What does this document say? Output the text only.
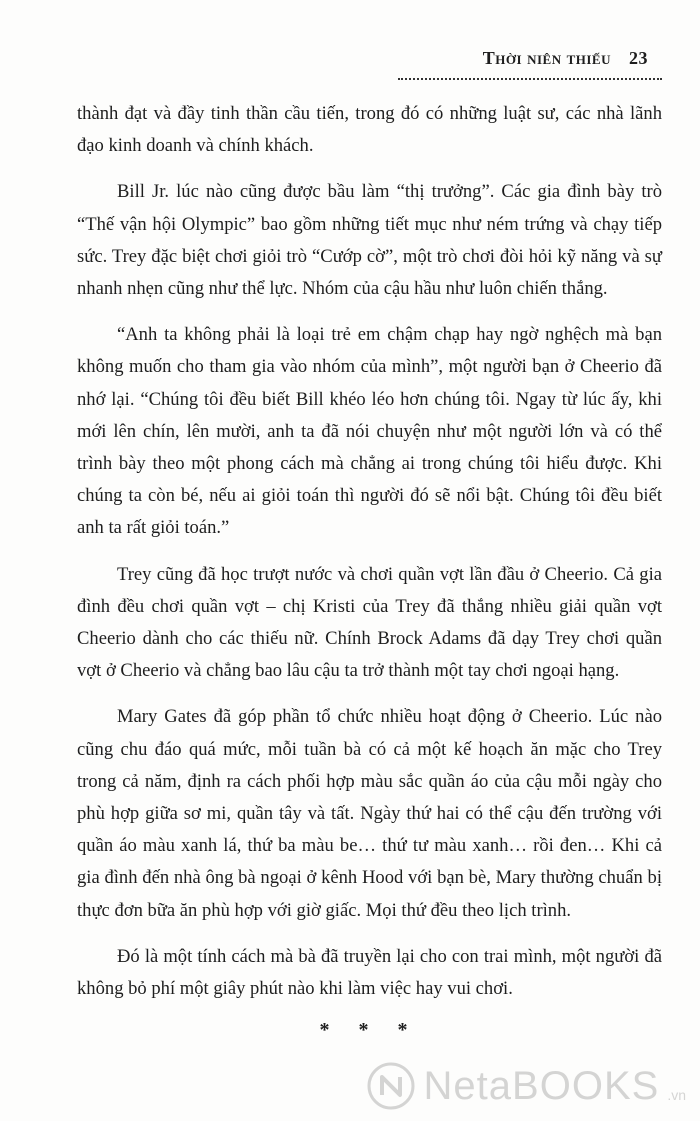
Thời niên thiếu 23

thành đạt và đầy tinh thần cầu tiến, trong đó có những luật sư, các nhà lãnh đạo kinh doanh và chính khách.

Bill Jr. lúc nào cũng được bầu làm “thị trưởng”. Các gia đình bày trò “Thế vận hội Olympic” bao gồm những tiết mục như ném trứng và chạy tiếp sức. Trey đặc biệt chơi giỏi trò “Cướp cờ”, một trò chơi đòi hỏi kỹ năng và sự nhanh nhẹn cũng như thể lực. Nhóm của cậu hầu như luôn chiến thắng.

“Anh ta không phải là loại trẻ em chậm chạp hay ngờ nghệch mà bạn không muốn cho tham gia vào nhóm của mình”, một người bạn ở Cheerio đã nhớ lại. “Chúng tôi đều biết Bill khéo léo hơn chúng tôi. Ngay từ lúc ấy, khi mới lên chín, lên mười, anh ta đã nói chuyện như một người lớn và có thể trình bày theo một phong cách mà chẳng ai trong chúng tôi hiểu được. Khi chúng ta còn bé, nếu ai giỏi toán thì người đó sẽ nổi bật. Chúng tôi đều biết anh ta rất giỏi toán.”

Trey cũng đã học trượt nước và chơi quần vợt lần đầu ở Cheerio. Cả gia đình đều chơi quần vợt – chị Kristi của Trey đã thắng nhiều giải quần vợt Cheerio dành cho các thiếu nữ. Chính Brock Adams đã dạy Trey chơi quần vợt ở Cheerio và chẳng bao lâu cậu ta trở thành một tay chơi ngoại hạng.

Mary Gates đã góp phần tổ chức nhiều hoạt động ở Cheerio. Lúc nào cũng chu đáo quá mức, mỗi tuần bà có cả một kế hoạch ăn mặc cho Trey trong cả năm, định ra cách phối hợp màu sắc quần áo của cậu mỗi ngày cho phù hợp giữa sơ mi, quần tây và tất. Ngày thứ hai có thể cậu đến trường với quần áo màu xanh lá, thứ ba màu be… thứ tư màu xanh… rồi đen… Khi cả gia đình đến nhà ông bà ngoại ở kênh Hood với bạn bè, Mary thường chuẩn bị thực đơn bữa ăn phù hợp với giờ giấc. Mọi thứ đều theo lịch trình.

Đó là một tính cách mà bà đã truyền lại cho con trai mình, một người đã không bỏ phí một giây phút nào khi làm việc hay vui chơi.

* * *
NetaBOOKS .vn
